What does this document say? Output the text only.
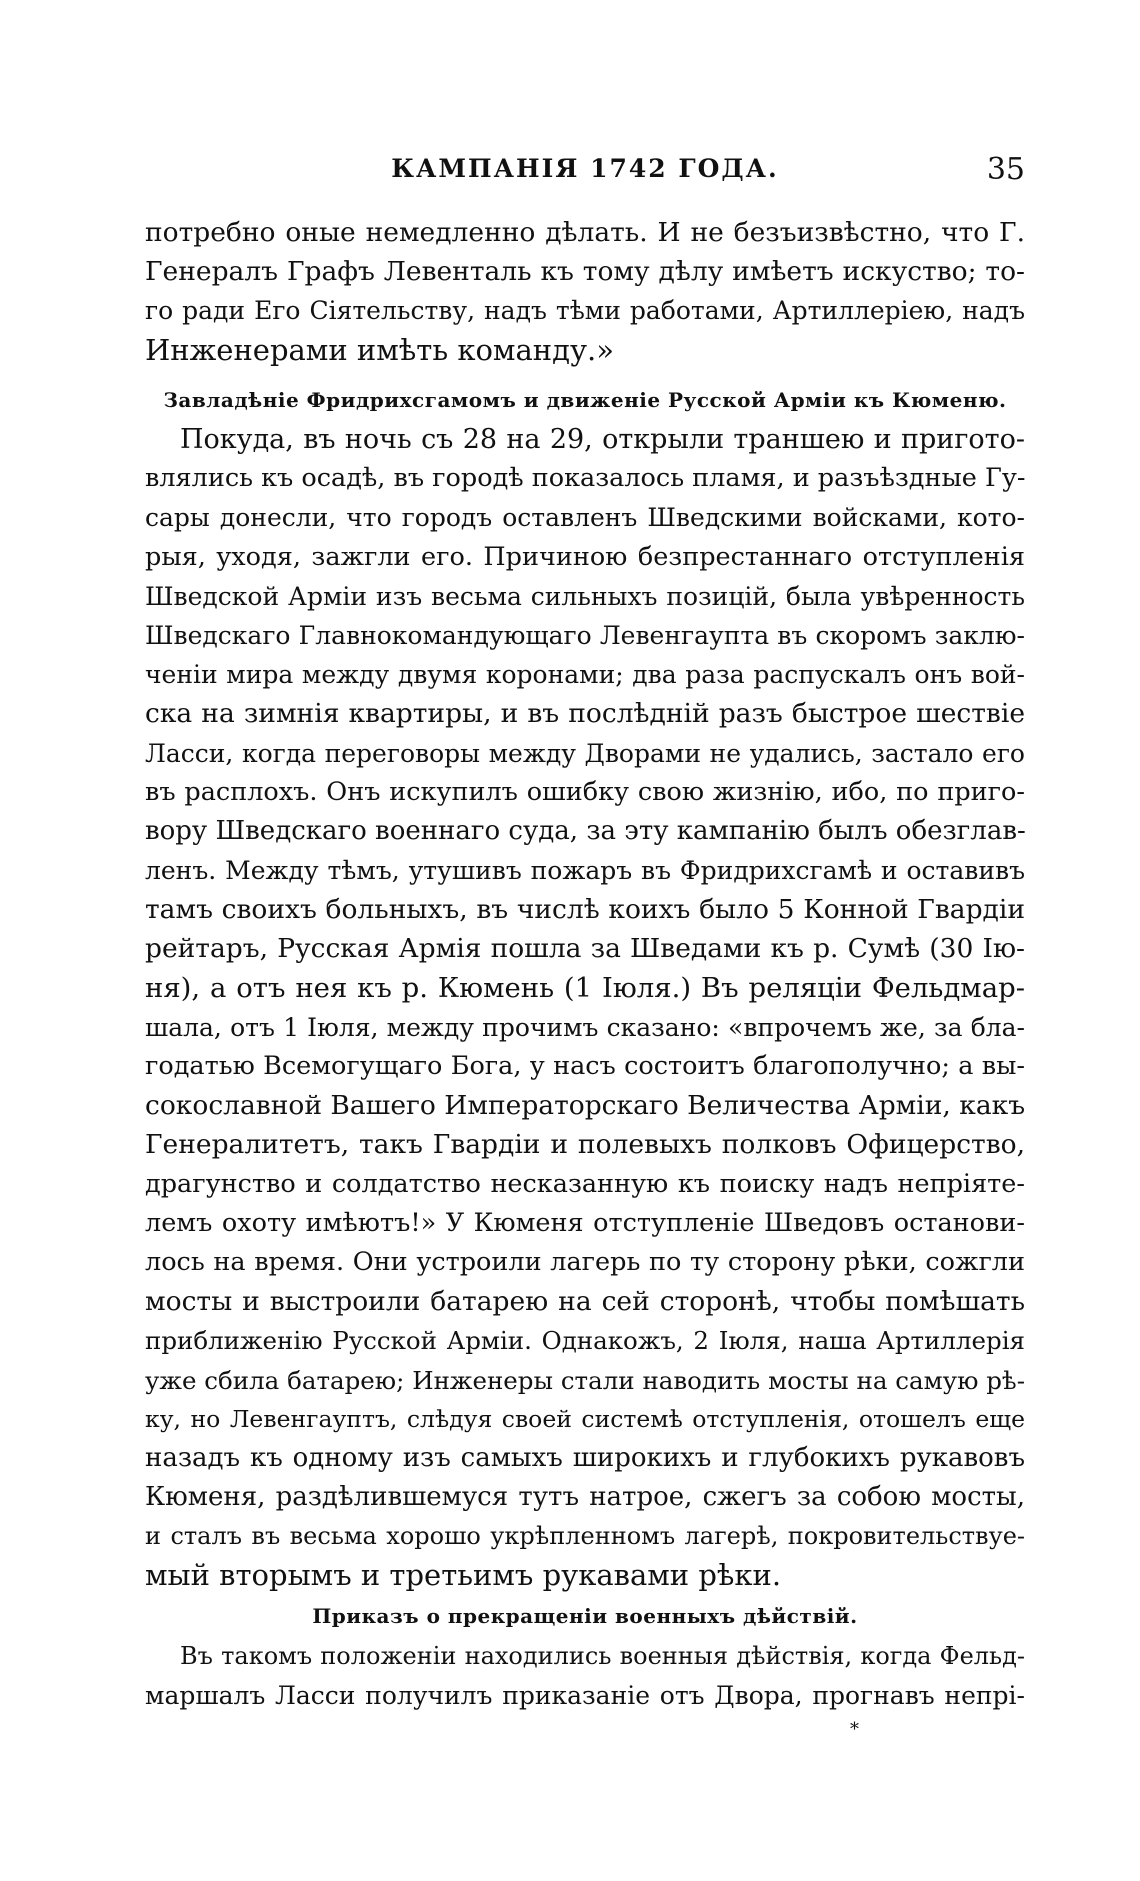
КАМПАНІЯ 1742 ГОДА.	35
потребно оные немедленно дѣлать. И не безъизвѣстно, что Г.
Генералъ Графъ Левенталь къ тому дѣлу имѣетъ искуство; то-
го ради Его Сіятельству, надъ тѣми работами, Артиллеріею, надъ
Инженерами имѣть команду.»
Завладѣніе Фридрихсгамомъ и движеніе Русской Арміи къ Кюменю.
Покуда, въ ночь съ 28 на 29, открыли траншею и пригото-
влялись къ осадѣ, въ городѣ показалось пламя, и разъѣздные Гу-
сары донесли, что городъ оставленъ Шведскими войсками, кото-
рыя, уходя, зажгли его. Причиною безпрестаннаго отступленія
Шведской Арміи изъ весьма сильныхъ позицій, была увѣренность
Шведскаго Главнокомандующаго Левенгаупта въ скоромъ заклю-
ченіи мира между двумя коронами; два раза распускалъ онъ вой-
ска на зимнія квартиры, и въ послѣдній разъ быстрое шествіе
Ласси, когда переговоры между Дворами не удались, застало его
въ расплохъ. Онъ искупилъ ошибку свою жизнію, ибо, по приго-
вору Шведскаго военнаго суда, за эту кампанію былъ обезглав-
ленъ. Между тѣмъ, утушивъ пожаръ въ Фридрихсгамѣ и оставивъ
тамъ своихъ больныхъ, въ числѣ коихъ было 5 Конной Гвардіи
рейтаръ, Русская Армія пошла за Шведами къ р. Сумѣ (30 Ію-
ня), а отъ нея къ р. Кюмень (1 Іюля.) Въ реляціи Фельдмар-
шала, отъ 1 Іюля, между прочимъ сказано: «впрочемъ же, за бла-
годатью Всемогущаго Бога, у насъ состоитъ благополучно; а вы-
сокославной Вашего Императорскаго Величества Арміи, какъ
Генералитетъ, такъ Гвардіи и полевыхъ полковъ Офицерство,
драгунство и солдатство несказанную къ поиску надъ непріяте-
лемъ охоту имѣютъ!» У Кюменя отступленіе Шведовъ останови-
лось на время. Они устроили лагерь по ту сторону рѣки, сожгли
мосты и выстроили батарею на сей сторонѣ, чтобы помѣшать
приближенію Русской Арміи. Однакожъ, 2 Іюля, наша Артиллерія
уже сбила батарею; Инженеры стали наводить мосты на самую рѣ-
ку, но Левенгауптъ, слѣдуя своей системѣ отступленія, отошелъ еще
назадъ къ одному изъ самыхъ широкихъ и глубокихъ рукавовъ
Кюменя, раздѣлившемуся тутъ натрое, сжегъ за собою мосты,
и сталъ въ весьма хорошо укрѣпленномъ лагерѣ, покровительствуе-
мый вторымъ и третьимъ рукавами рѣки.
Приказъ о прекращеніи военныхъ дѣйствій.
Въ такомъ положеніи находились военныя дѣйствія, когда Фельд-
маршалъ Ласси получилъ приказаніе отъ Двора, прогнавъ непрі-
*
